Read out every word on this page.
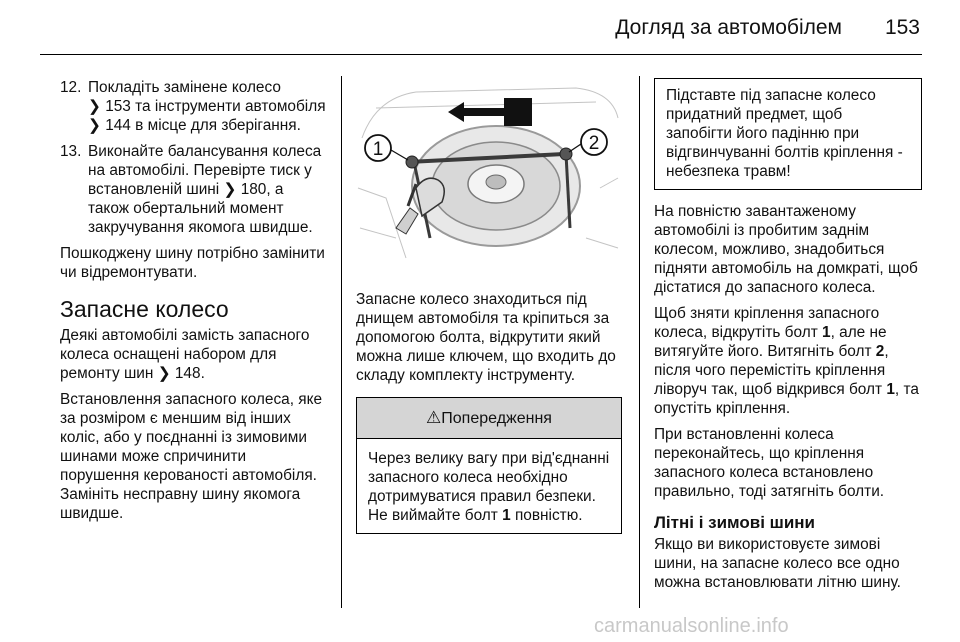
Догляд за автомобілем 153
12. Покладіть замінене колесо
❯ 153 та інструменти автомобіля ❯ 144 в місце для зберігання.
13. Виконайте балансування колеса на автомобілі. Перевірте тиск у встановленій шині ❯ 180, а також обертальний момент закручування якомога швидше.

Пошкоджену шину потрібно замінити чи відремонтувати.

Запасне колесо

Деякі автомобілі замість запасного колеса оснащені набором для ремонту шин ❯ 148.

Встановлення запасного колеса, яке за розміром є меншим від інших коліс, або у поєднанні із зимовими шинами може спричинити порушення керованості автомобіля. Замініть несправну шину якомога швидше.

1	2

Запасне колесо знаходиться під днищем автомобіля та кріпиться за допомогою болта, відкрутити який можна лише ключем, що входить до складу комплекту інструменту.

⚠Попередження
Через велику вагу при від'єднанні запасного колеса необхідно дотримуватися правил безпеки. Не виймайте болт 1 повністю.
Підставте під запасне колесо придатний предмет, щоб запобігти його падінню при відгвинчуванні болтів кріплення - небезпека травм!

На повністю завантаженому автомобілі із пробитим заднім колесом, можливо, знадобиться підняти автомобіль на домкраті, щоб дістатися до запасного колеса.

Щоб зняти кріплення запасного колеса, відкрутіть болт 1, але не витягуйте його. Витягніть болт 2, після чого перемістіть кріплення ліворуч так, щоб відкрився болт 1, та опустіть кріплення.

При встановленні колеса переконайтесь, що кріплення запасного колеса встановлено правильно, тоді затягніть болти.

Літні і зимові шини

Якщо ви використовуєте зимові шини, на запасне колесо все одно можна встановлювати літню шину.

carmanualsonline.info
